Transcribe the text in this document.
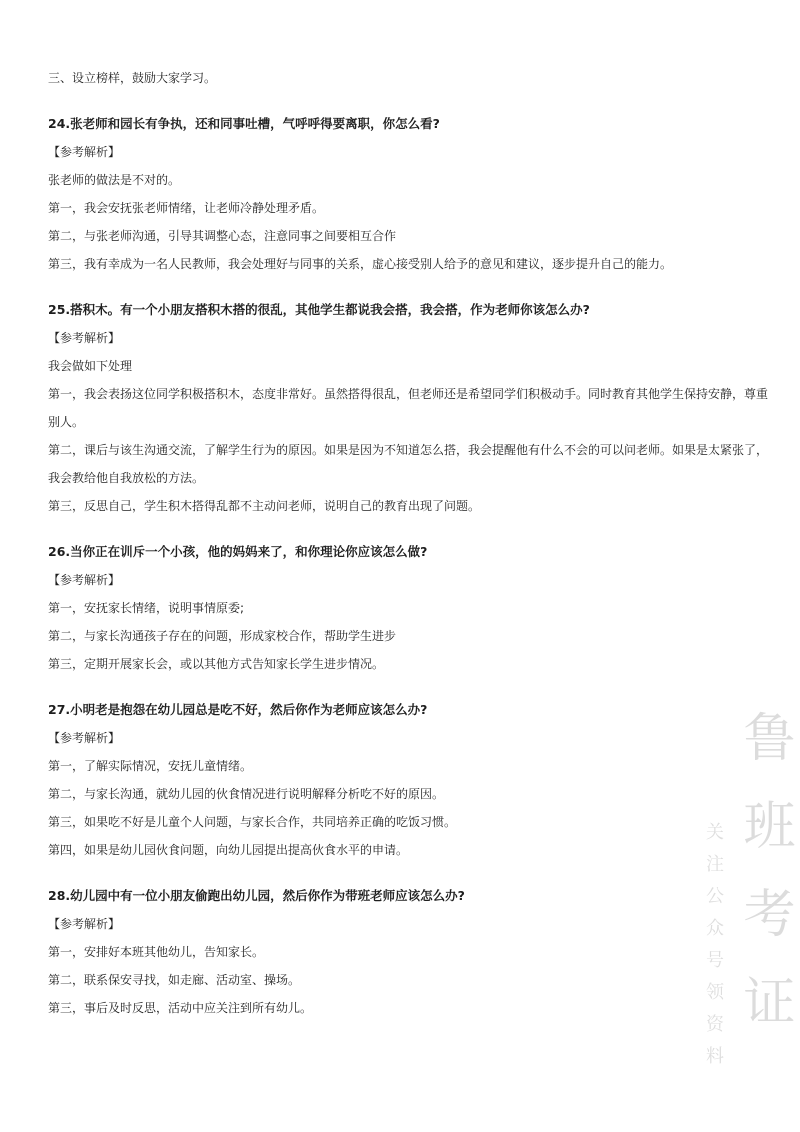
三、设立榜样，鼓励大家学习。

24.张老师和园长有争执，还和同事吐槽，气呼呼得要离职，你怎么看?

【参考解析】

张老师的做法是不对的。

第一，我会安抚张老师情绪，让老师冷静处理矛盾。

第二，与张老师沟通，引导其调整心态，注意同事之间要相互合作

第三，我有幸成为一名人民教师，我会处理好与同事的关系，虚心接受别人给予的意见和建议，逐步提升自己的能力。

25.搭积木。有一个小朋友搭积木搭的很乱，其他学生都说我会搭，我会搭，作为老师你该怎么办?

【参考解析】

我会做如下处理

第一，我会表扬这位同学积极搭积木，态度非常好。虽然搭得很乱，但老师还是希望同学们积极动手。同时教育其他学生保持安静，尊重别人。

第二，课后与该生沟通交流，了解学生行为的原因。如果是因为不知道怎么搭，我会提醒他有什么不会的可以问老师。如果是太紧张了，我会教给他自我放松的方法。

第三，反思自己，学生积木搭得乱都不主动问老师，说明自己的教育出现了问题。

26.当你正在训斥一个小孩，他的妈妈来了，和你理论你应该怎么做?

【参考解析】

第一，安抚家长情绪，说明事情原委;

第二，与家长沟通孩子存在的问题，形成家校合作，帮助学生进步

第三，定期开展家长会，或以其他方式告知家长学生进步情况。

27.小明老是抱怨在幼儿园总是吃不好，然后你作为老师应该怎么办?

【参考解析】

第一，了解实际情况，安抚儿童情绪。

第二，与家长沟通，就幼儿园的伙食情况进行说明解释分析吃不好的原因。

第三，如果吃不好是儿童个人问题，与家长合作，共同培养正确的吃饭习惯。

第四，如果是幼儿园伙食问题，向幼儿园提出提高伙食水平的申请。

28.幼儿园中有一位小朋友偷跑出幼儿园，然后你作为带班老师应该怎么办?

【参考解析】

第一，安排好本班其他幼儿，告知家长。

第二，联系保安寻找，如走廊、活动室、操场。

第三，事后及时反思，活动中应关注到所有幼儿。	鲁班考证
关注公众号领资料
